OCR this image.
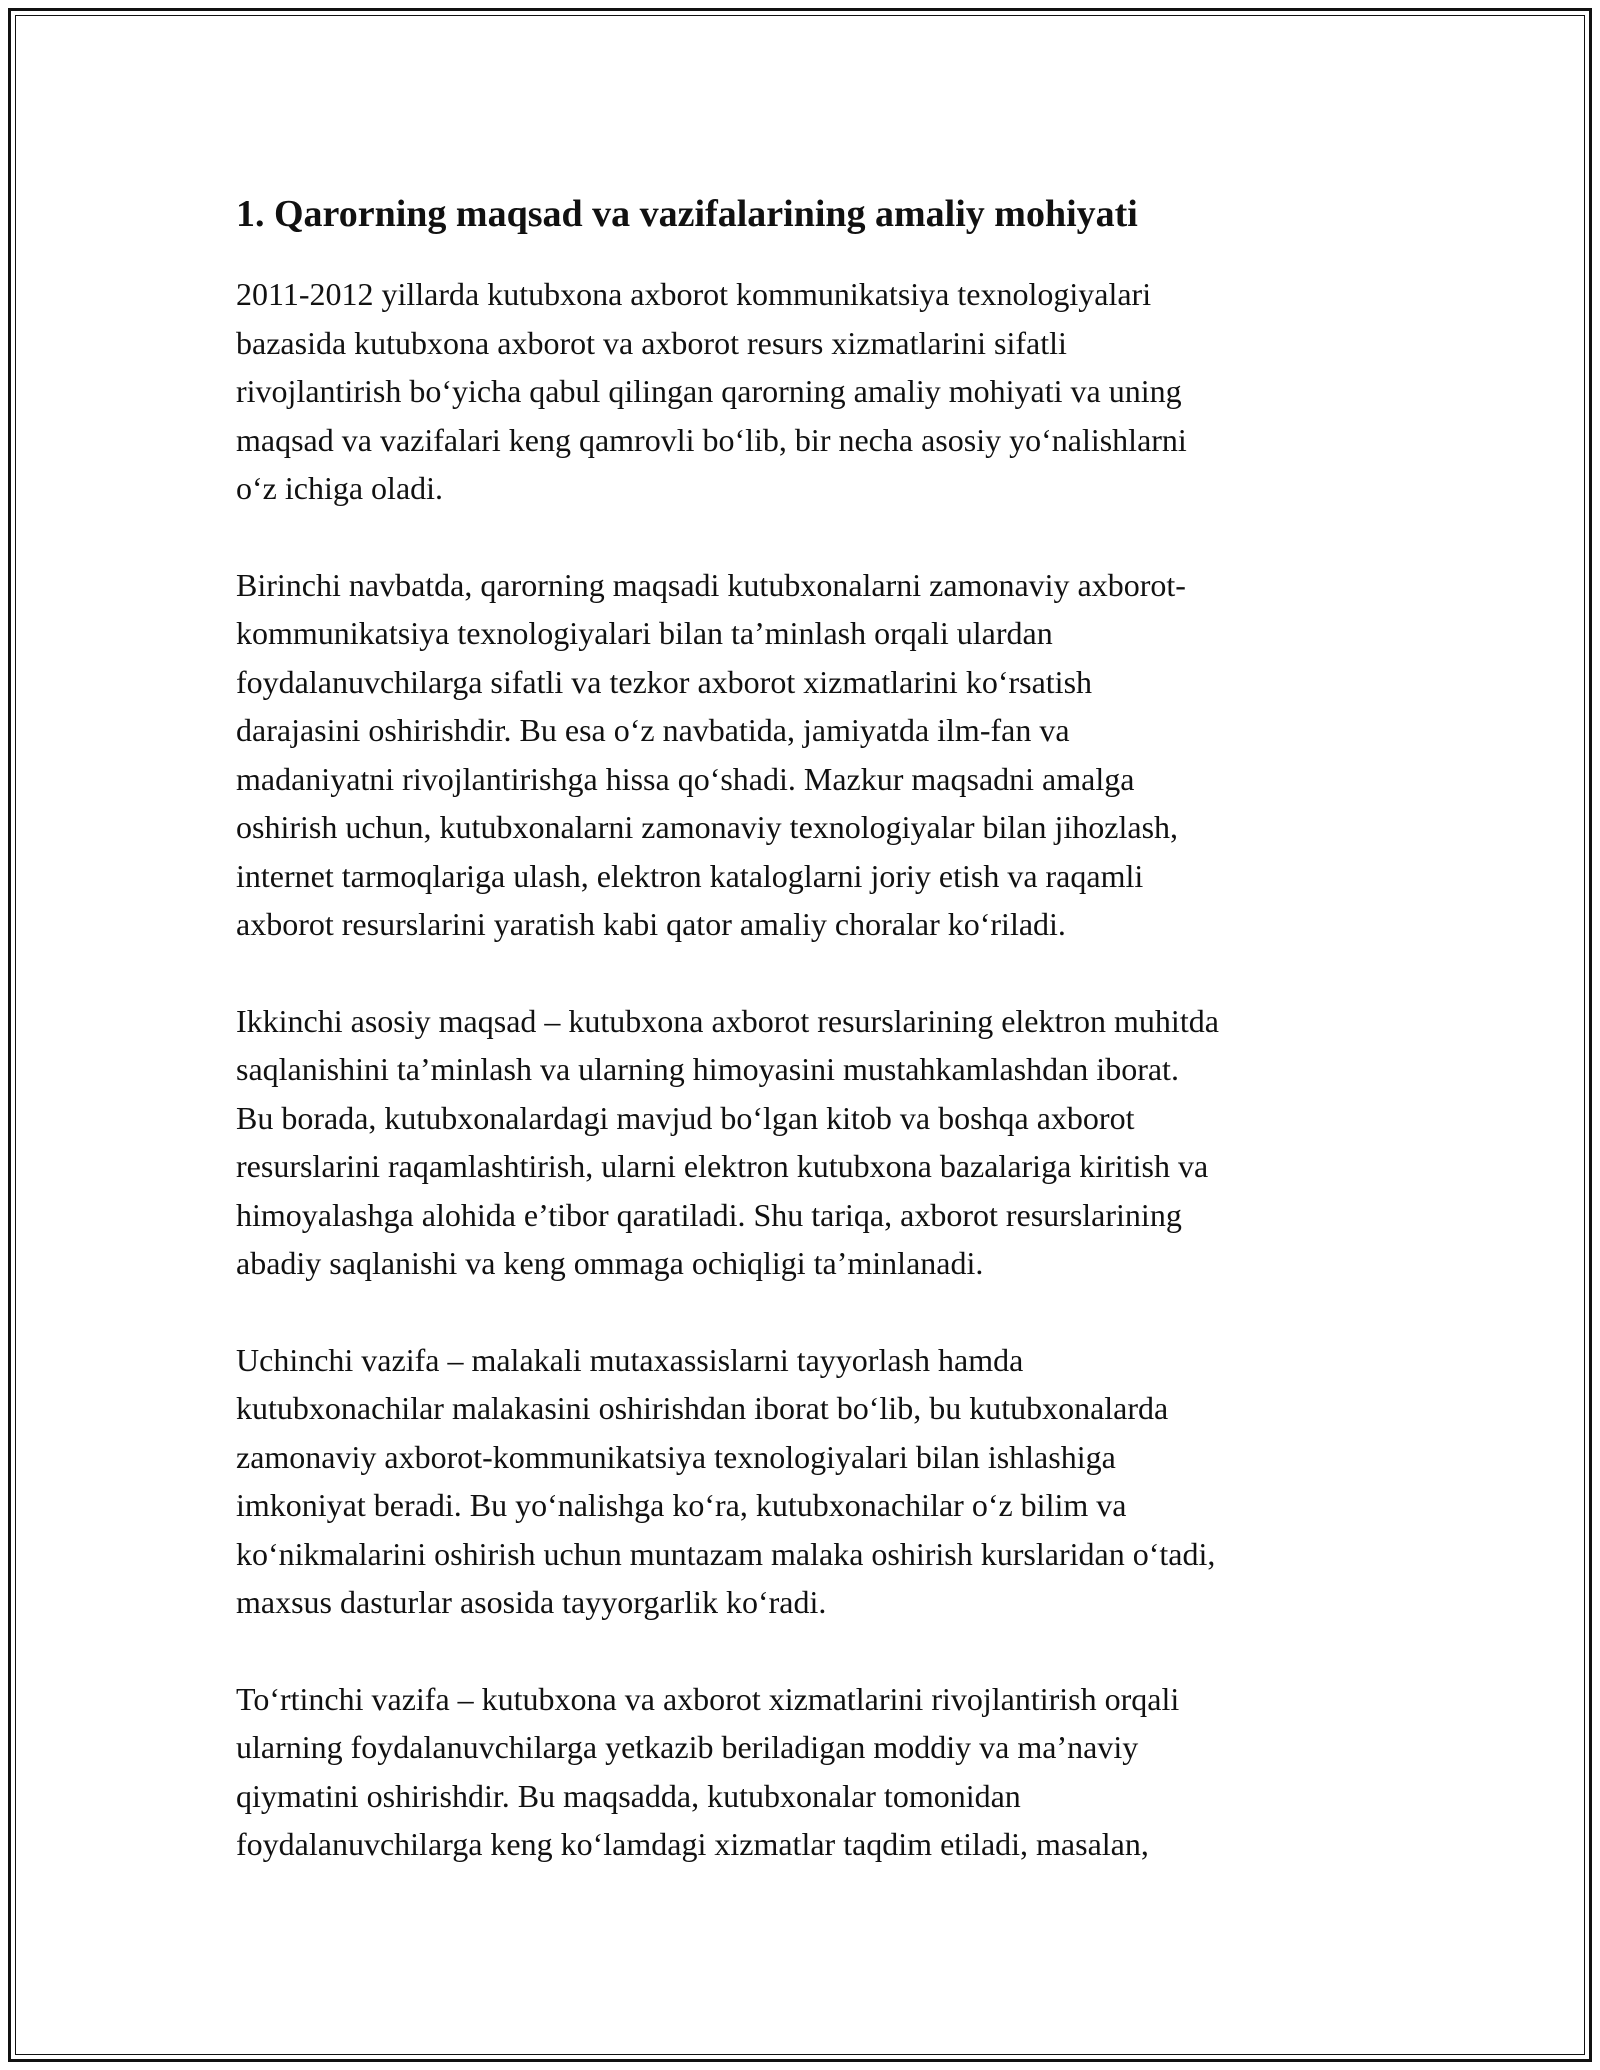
1. Qarorning maqsad va vazifalarining amaliy mohiyati

2011-2012 yillarda kutubxona axborot kommunikatsiya texnologiyalari
bazasida kutubxona axborot va axborot resurs xizmatlarini sifatli
rivojlantirish bo‘yicha qabul qilingan qarorning amaliy mohiyati va uning
maqsad va vazifalari keng qamrovli bo‘lib, bir necha asosiy yo‘nalishlarni
o‘z ichiga oladi.

Birinchi navbatda, qarorning maqsadi kutubxonalarni zamonaviy axborot-
kommunikatsiya texnologiyalari bilan ta’minlash orqali ulardan
foydalanuvchilarga sifatli va tezkor axborot xizmatlarini ko‘rsatish
darajasini oshirishdir. Bu esa o‘z navbatida, jamiyatda ilm-fan va
madaniyatni rivojlantirishga hissa qo‘shadi. Mazkur maqsadni amalga
oshirish uchun, kutubxonalarni zamonaviy texnologiyalar bilan jihozlash,
internet tarmoqlariga ulash, elektron kataloglarni joriy etish va raqamli
axborot resurslarini yaratish kabi qator amaliy choralar ko‘riladi.

Ikkinchi asosiy maqsad – kutubxona axborot resurslarining elektron muhitda
saqlanishini ta’minlash va ularning himoyasini mustahkamlashdan iborat.
Bu borada, kutubxonalardagi mavjud bo‘lgan kitob va boshqa axborot
resurslarini raqamlashtirish, ularni elektron kutubxona bazalariga kiritish va
himoyalashga alohida e’tibor qaratiladi. Shu tariqa, axborot resurslarining
abadiy saqlanishi va keng ommaga ochiqligi ta’minlanadi.

Uchinchi vazifa – malakali mutaxassislarni tayyorlash hamda
kutubxonachilar malakasini oshirishdan iborat bo‘lib, bu kutubxonalarda
zamonaviy axborot-kommunikatsiya texnologiyalari bilan ishlashiga
imkoniyat beradi. Bu yo‘nalishga ko‘ra, kutubxonachilar o‘z bilim va
ko‘nikmalarini oshirish uchun muntazam malaka oshirish kurslaridan o‘tadi,
maxsus dasturlar asosida tayyorgarlik ko‘radi.

To‘rtinchi vazifa – kutubxona va axborot xizmatlarini rivojlantirish orqali
ularning foydalanuvchilarga yetkazib beriladigan moddiy va ma’naviy
qiymatini oshirishdir. Bu maqsadda, kutubxonalar tomonidan
foydalanuvchilarga keng ko‘lamdagi xizmatlar taqdim etiladi, masalan,
